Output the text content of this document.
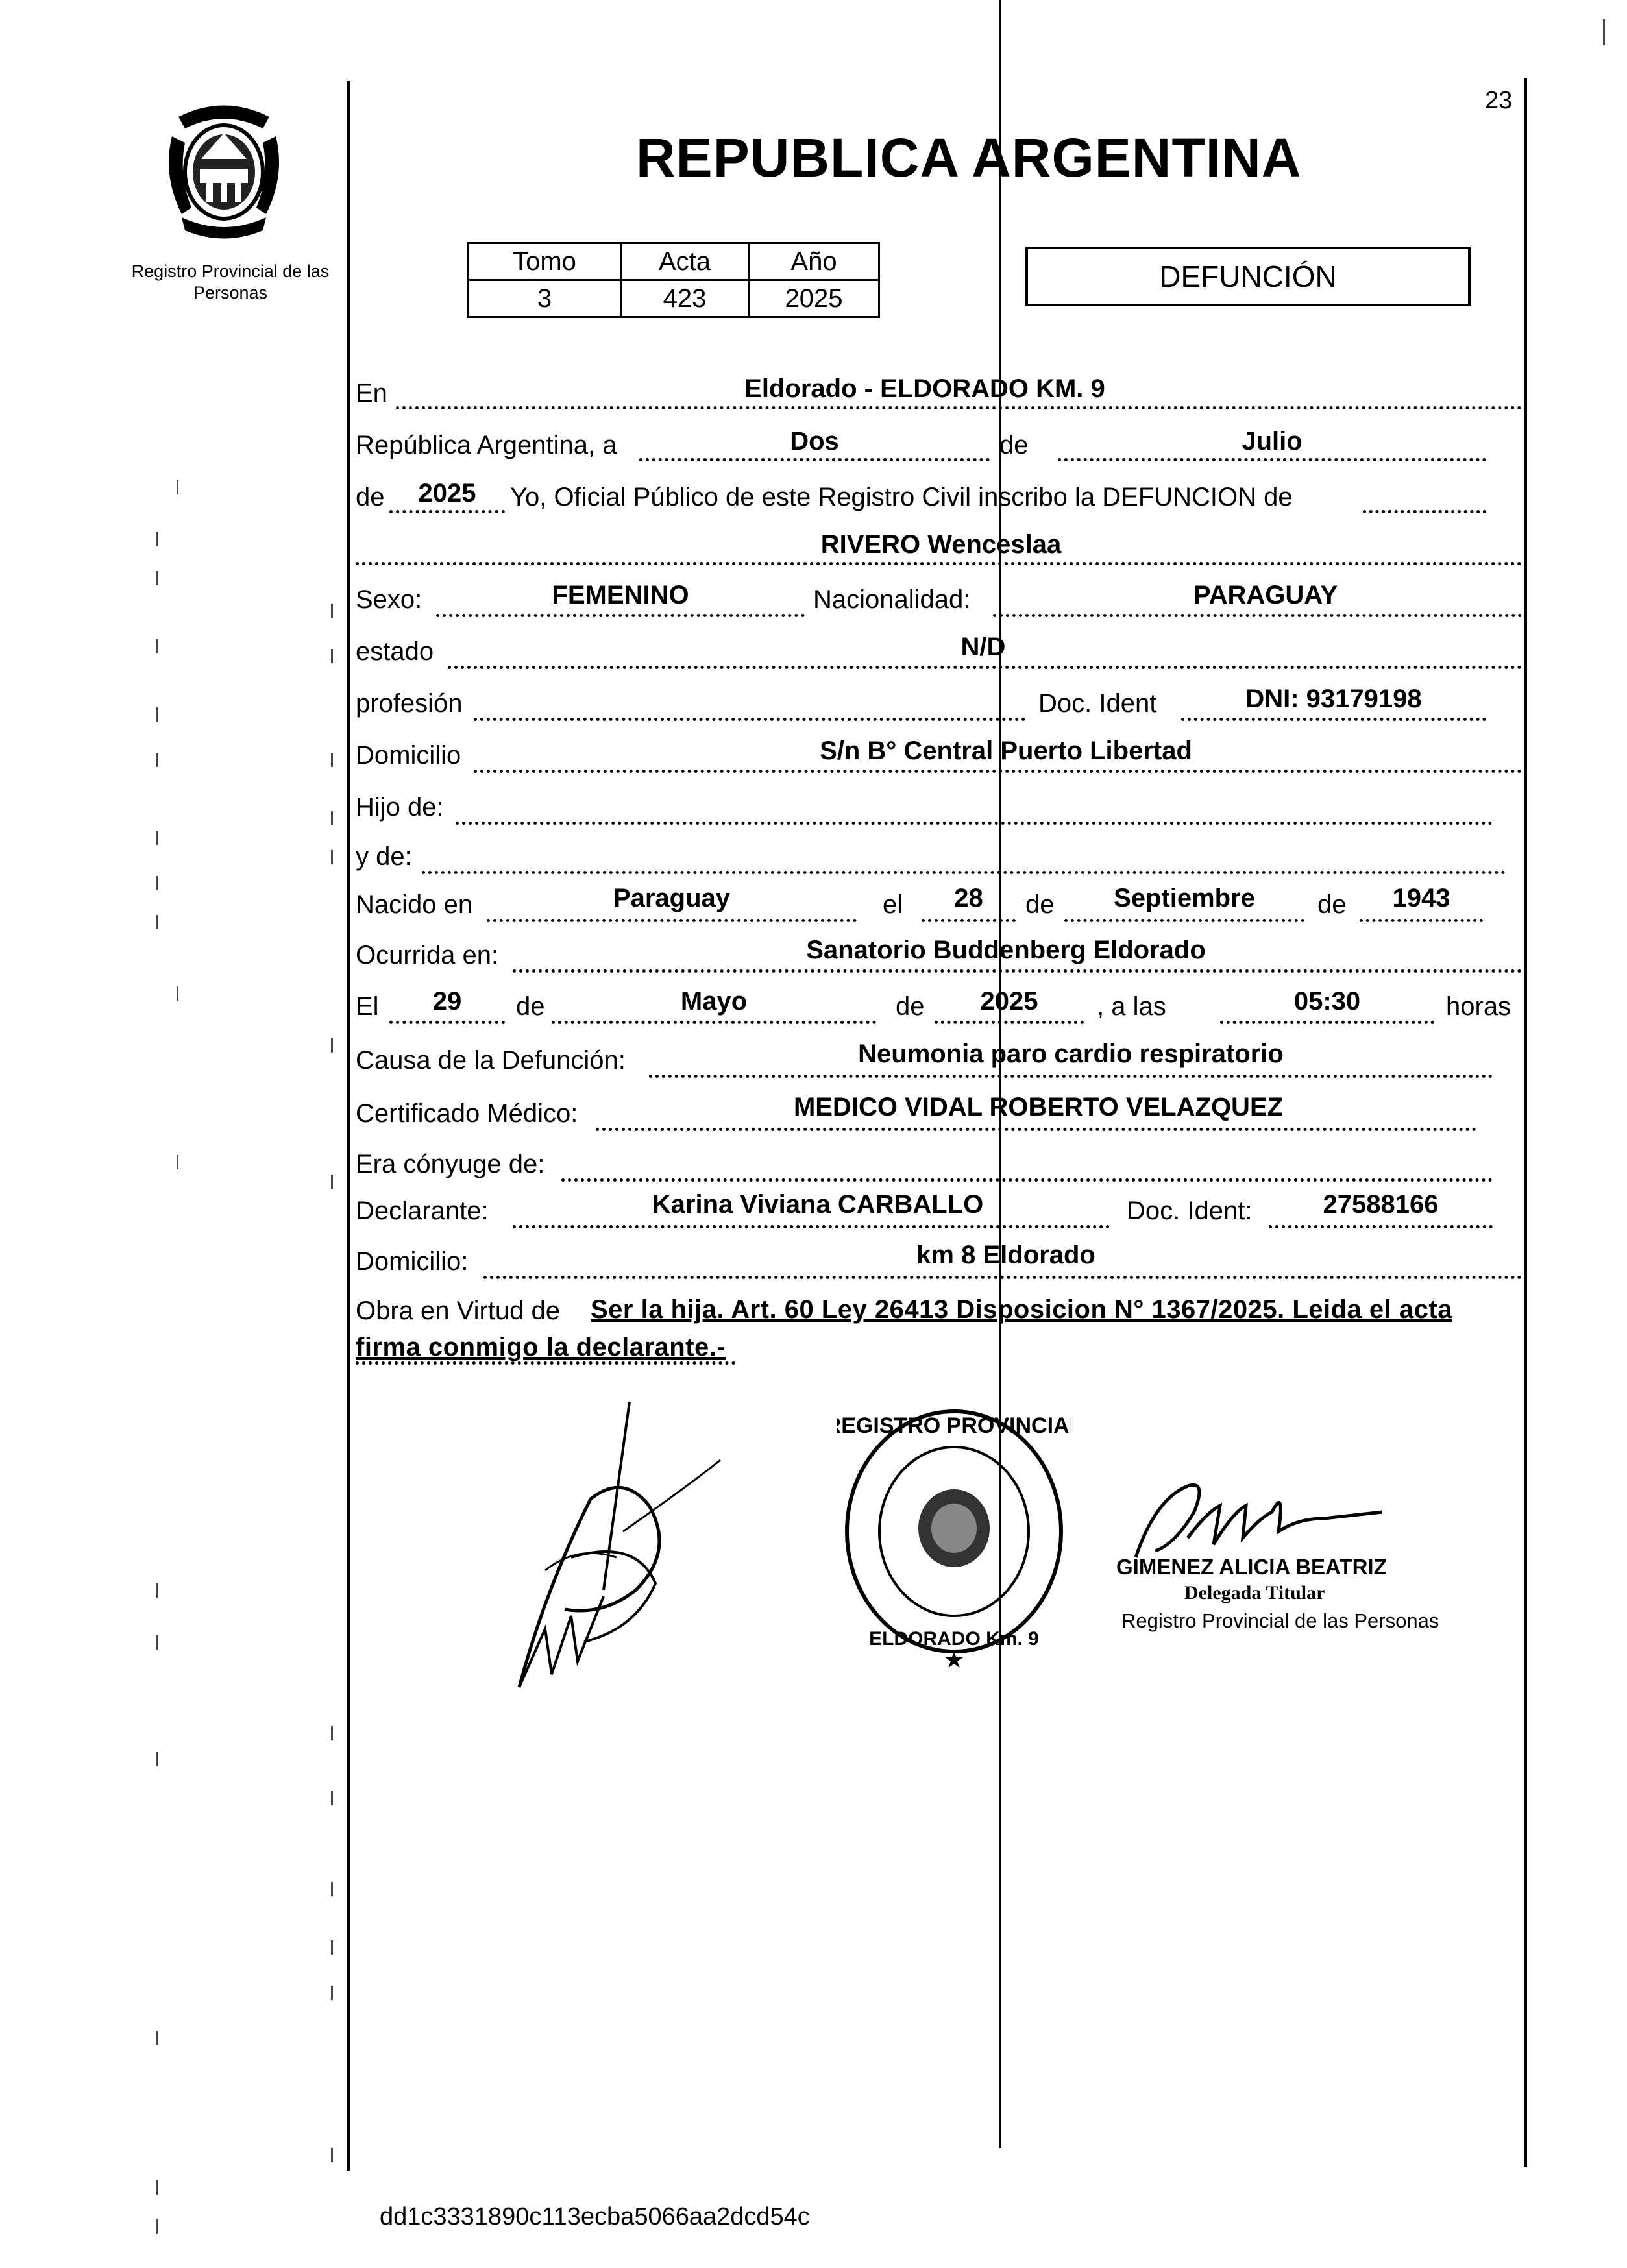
23
Registro Provincial de las Personas
REPUBLICA ARGENTINA
Tomo	Acta	Año
3	423	2025
DEFUNCIÓN
En	Eldorado - ELDORADO KM. 9
República Argentina, a	Dos	de	Julio
de	2025	Yo, Oficial Público de este Registro Civil inscribo la DEFUNCION de
RIVERO Wenceslaa
Sexo:	FEMENINO	Nacionalidad:	PARAGUAY
estado	N/D
profesión	Doc. Ident	DNI: 93179198
Domicilio	S/n B° Central Puerto Libertad
Hijo de:
y de:
Nacido en	Paraguay	el	28	de	Septiembre	de	1943
Ocurrida en:	Sanatorio Buddenberg Eldorado
El	29	de	Mayo	de	2025	, a las	05:30	horas
Causa de la Defunción:	Neumonia paro cardio respiratorio
Certificado Médico:	MEDICO VIDAL ROBERTO VELAZQUEZ
Era cónyuge de:
Declarante:	Karina Viviana CARBALLO	Doc. Ident:	27588166
Domicilio:	km 8 Eldorado
Obra en Virtud de Ser la hija. Art. 60 Ley 26413 Disposicion N° 1367/2025. Leida el acta
firma conmigo la declarante.-
REGISTRO PROVINCIAL
ELDORADO Km. 9
★
GIMENEZ ALICIA BEATRIZ
Delegada Titular
Registro Provincial de las Personas
dd1c3331890c113ecba5066aa2dcd54c
